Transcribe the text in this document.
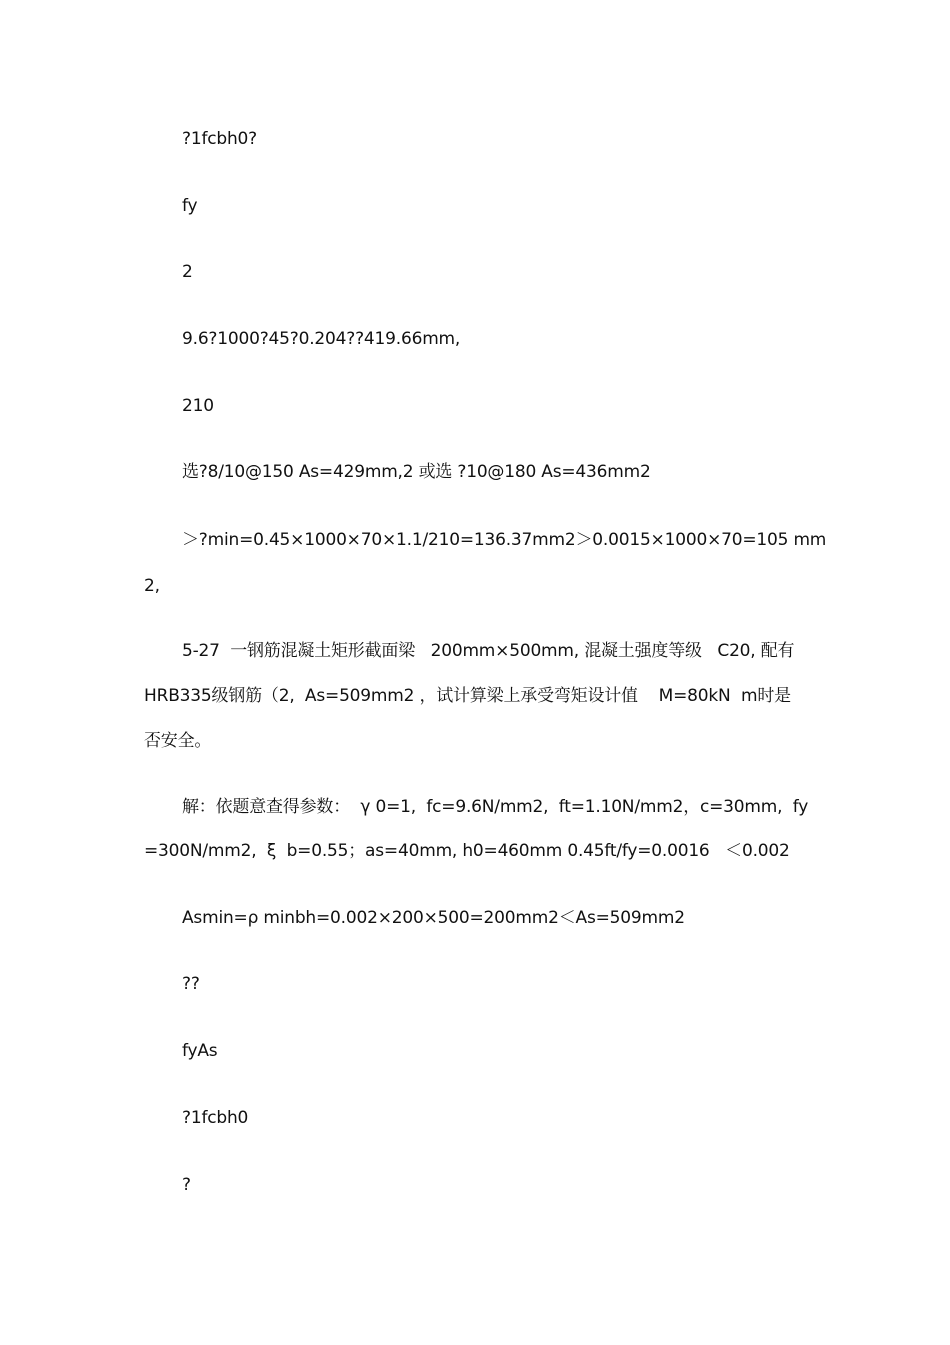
?1fcbh0?
fy
2
9.6?1000?45?0.204??419.66mm,
210
选?8/10@150 As=429mm,2 或选 ?10@180 As=436mm2
＞?min=0.45×1000×70×1.1/210=136.37mm2＞0.0015×1000×70=105 mm
2,
5-27  一钢筋混凝土矩形截面梁   200mm×500mm, 混凝土强度等级   C20, 配有
HRB335级钢筋（2,  As=509mm2 ，试计算梁上承受弯矩设计值    M=80kN  m时是
否安全。
解：依题意查得参数：  γ 0=1,  fc=9.6N/mm2,  ft=1.10N/mm2，c=30mm,  fy
=300N/mm2,  ξ  b=0.55；as=40mm, h0=460mm 0.45ft/fy=0.0016   ＜0.002
Asmin=ρ minbh=0.002×200×500=200mm2＜As=509mm2
??
fyAs
?1fcbh0
?
